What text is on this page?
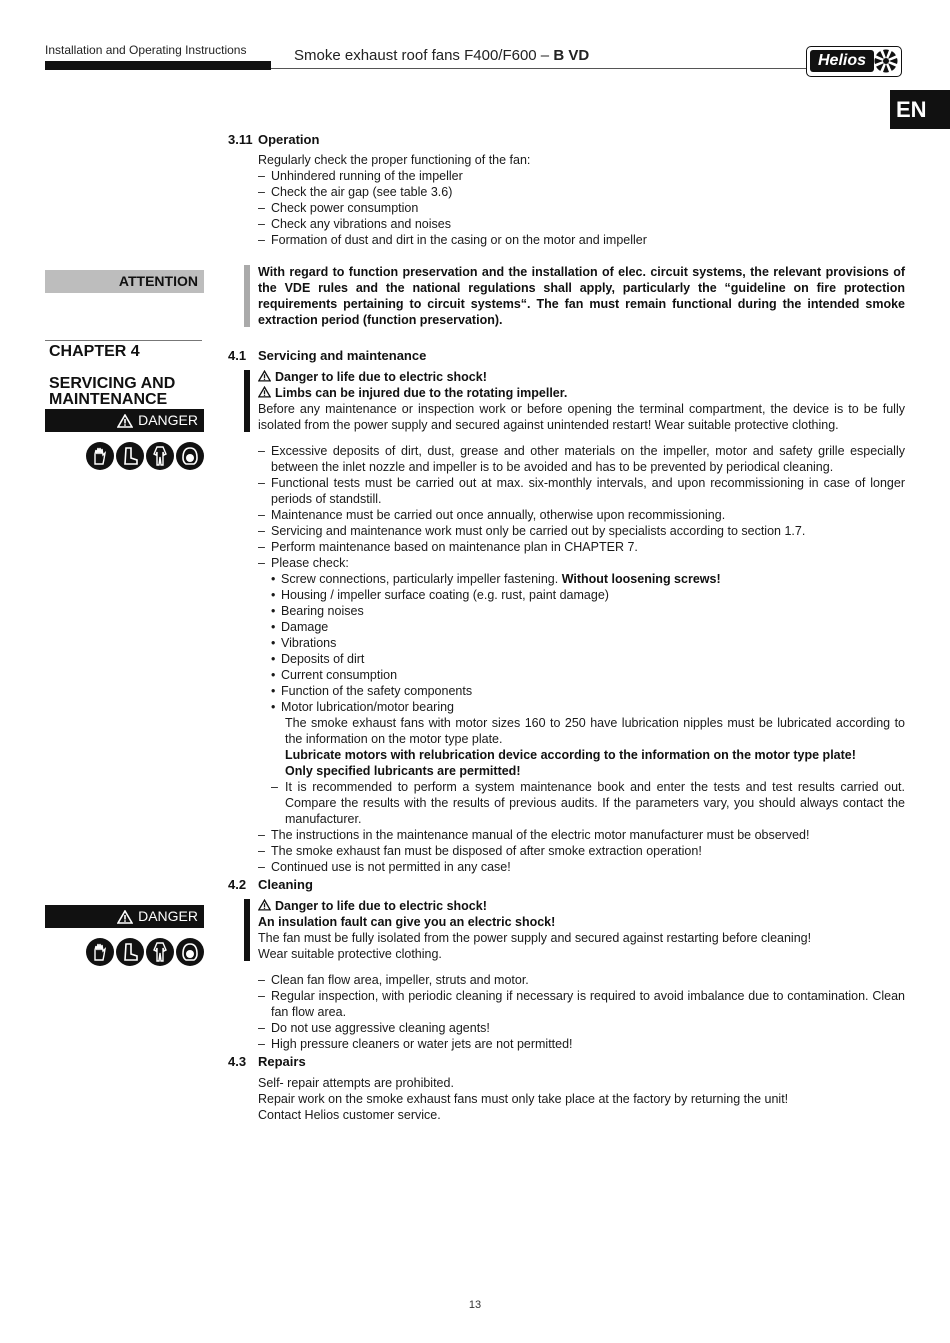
Installation and Operating Instructions	Smoke exhaust roof fans F400/F600 – B VD	Helios
EN
ATTENTION
CHAPTER 4
SERVICING AND
MAINTENANCE
DANGER
DANGER
3.11 Operation
Regularly check the proper functioning of the fan:
– Unhindered running of the impeller
– Check the air gap (see table 3.6)
– Check power consumption
– Check any vibrations and noises
– Formation of dust and dirt in the casing or on the motor and impeller
With regard to function preservation and the installation of elec. circuit systems, the relevant provisions of the VDE rules and the national regulations shall apply, particularly the “guideline on fire protection requirements pertaining to circuit systems“. The fan must remain functional during the intended smoke extraction period (function preservation).
4.1 Servicing and maintenance
Danger to life due to electric shock!
Limbs can be injured due to the rotating impeller.
Before any maintenance or inspection work or before opening the terminal compartment, the device is to be fully isolated from the power supply and secured against unintended restart! Wear suitable protective clothing.
– Excessive deposits of dirt, dust, grease and other materials on the impeller, motor and safety grille especially between the inlet nozzle and impeller is to be avoided and has to be prevented by periodical cleaning.
– Functional tests must be carried out at max. six-monthly intervals, and upon recommissioning in case of longer periods of standstill.
– Maintenance must be carried out once annually, otherwise upon recommissioning.
– Servicing and maintenance work must only be carried out by specialists according to section 1.7.
– Perform maintenance based on maintenance plan in CHAPTER 7.
– Please check:
• Screw connections, particularly impeller fastening. Without loosening screws!
• Housing / impeller surface coating (e.g. rust, paint damage)
• Bearing noises
• Damage
• Vibrations
• Deposits of dirt
• Current consumption
• Function of the safety components
• Motor lubrication/motor bearing
The smoke exhaust fans with motor sizes 160 to 250 have lubrication nipples must be lubricated according to the information on the motor type plate.
Lubricate motors with relubrication device according to the information on the motor type plate!
Only specified lubricants are permitted!
– It is recommended to perform a system maintenance book and enter the tests and test results carried out. Compare the results with the results of previous audits. If the parameters vary, you should always contact the manufacturer.
– The instructions in the maintenance manual of the electric motor manufacturer must be observed!
– The smoke exhaust fan must be disposed of after smoke extraction operation!
– Continued use is not permitted in any case!
4.2 Cleaning
Danger to life due to electric shock!
An insulation fault can give you an electric shock!
The fan must be fully isolated from the power supply and secured against restarting before cleaning!
Wear suitable protective clothing.
– Clean fan flow area, impeller, struts and motor.
– Regular inspection, with periodic cleaning if necessary is required to avoid imbalance due to contamination. Clean fan flow area.
– Do not use aggressive cleaning agents!
– High pressure cleaners or water jets are not permitted!
4.3 Repairs
Self- repair attempts are prohibited.
Repair work on the smoke exhaust fans must only take place at the factory by returning the unit!
Contact Helios customer service.
13
